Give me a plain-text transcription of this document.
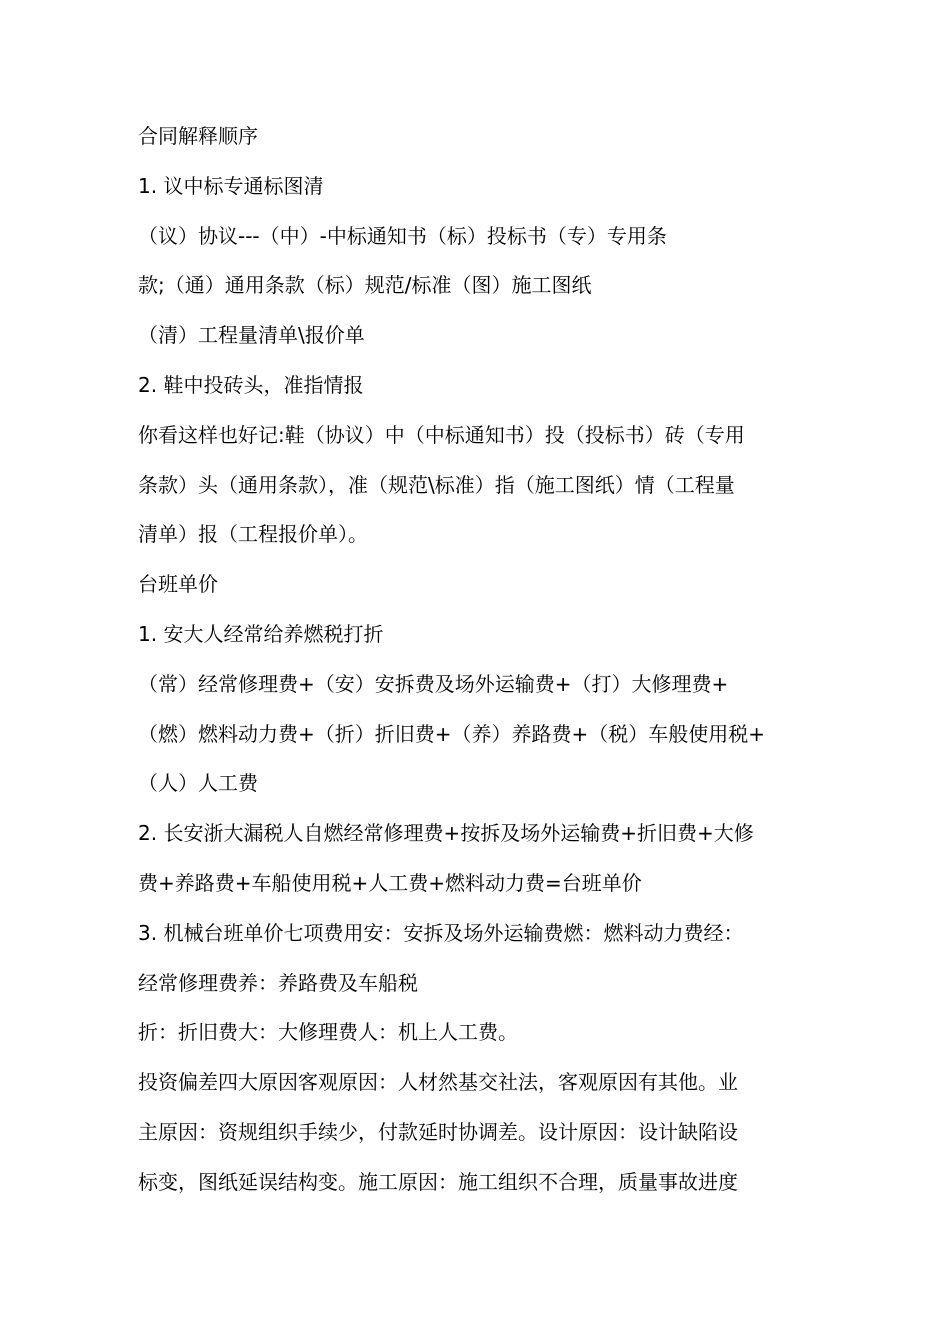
合同解释顺序
1. 议中标专通标图清
（议）协议---（中）-中标通知书（标）投标书（专）专用条
款;（通）通用条款（标）规范/标准（图）施工图纸
（清）工程量清单\报价单
2. 鞋中投砖头，准指情报
你看这样也好记:鞋（协议）中（中标通知书）投（投标书）砖（专用
条款）头（通用条款），准（规范\标准）指（施工图纸）情（工程量
清单）报（工程报价单）。
台班单价
1. 安大人经常给养燃税打折
（常）经常修理费+（安）安拆费及场外运输费+（打）大修理费+
（燃）燃料动力费+（折）折旧费+（养）养路费+（税）车般使用税+
（人）人工费
2. 长安浙大漏税人自燃经常修理费+按拆及场外运输费+折旧费+大修
费+养路费+车船使用税+人工费+燃料动力费=台班单价
3. 机械台班单价七项费用安：安拆及场外运输费燃：燃料动力费经：
经常修理费养：养路费及车船税
折：折旧费大：大修理费人：机上人工费。
投资偏差四大原因客观原因：人材然基交社法，客观原因有其他。业
主原因：资规组织手续少，付款延时协调差。设计原因：设计缺陷设
标变，图纸延误结构变。施工原因：施工组织不合理，质量事故进度
